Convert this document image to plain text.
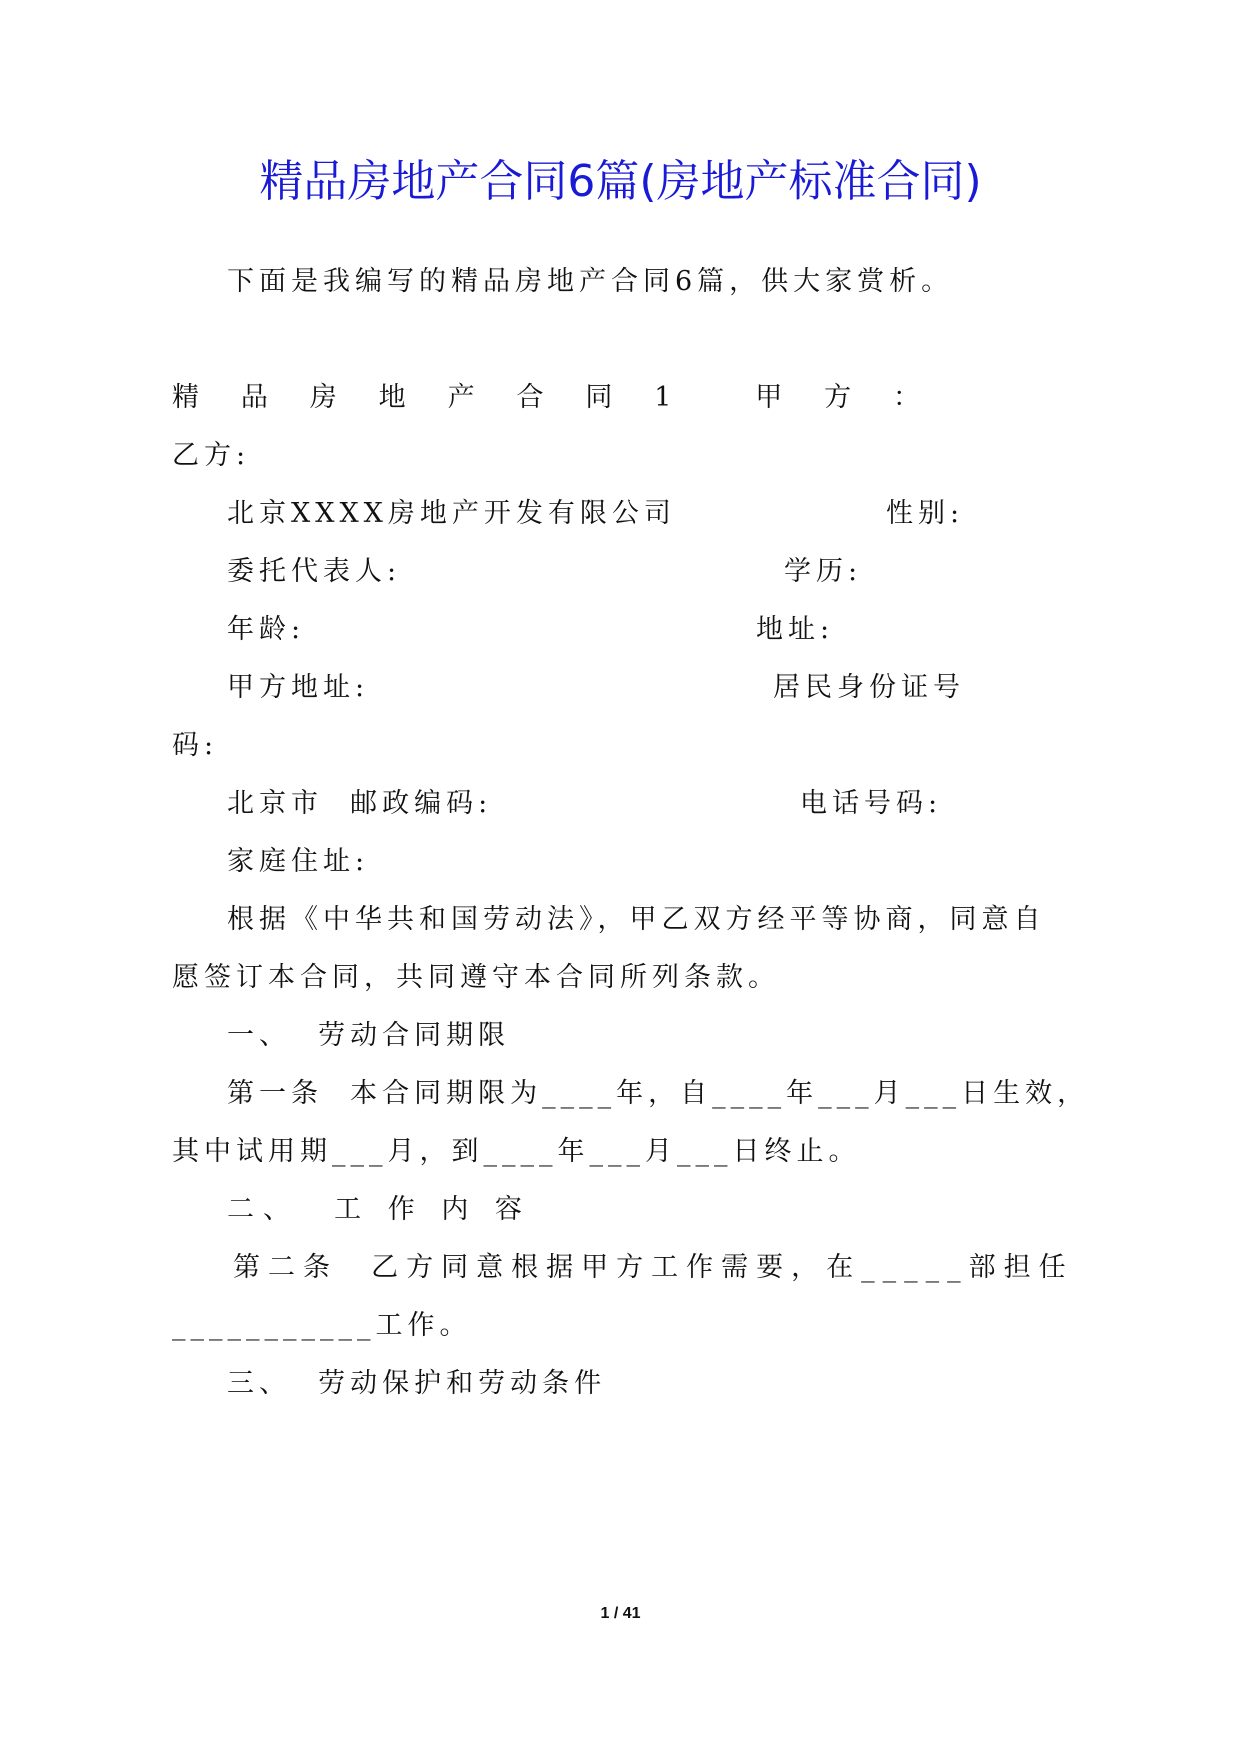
精品房地产合同6篇(房地产标准合同)
下面是我编写的精品房地产合同6篇，供大家赏析。
精 品 房 地 产 合 同 1	甲 方 ：
乙方:
北京XXXX房地产开发有限公司	性别:
委托代表人:	学历:
年龄:	地址:
甲方地址:	居民身份证号
码:
北京市  邮政编码:	电话号码:
家庭住址:
根据《中华共和国劳动法》，甲乙双方经平等协商，同意自
愿签订本合同，共同遵守本合同所列条款。
一、  劳动合同期限
第一条  本合同期限为____年，自____年___月___日生效，
其中试用期___月，到____年___月___日终止。
二、  工 作 内 容
第二条  乙方同意根据甲方工作需要，在_____部担任
___________工作。
三、  劳动保护和劳动条件
1 / 41
